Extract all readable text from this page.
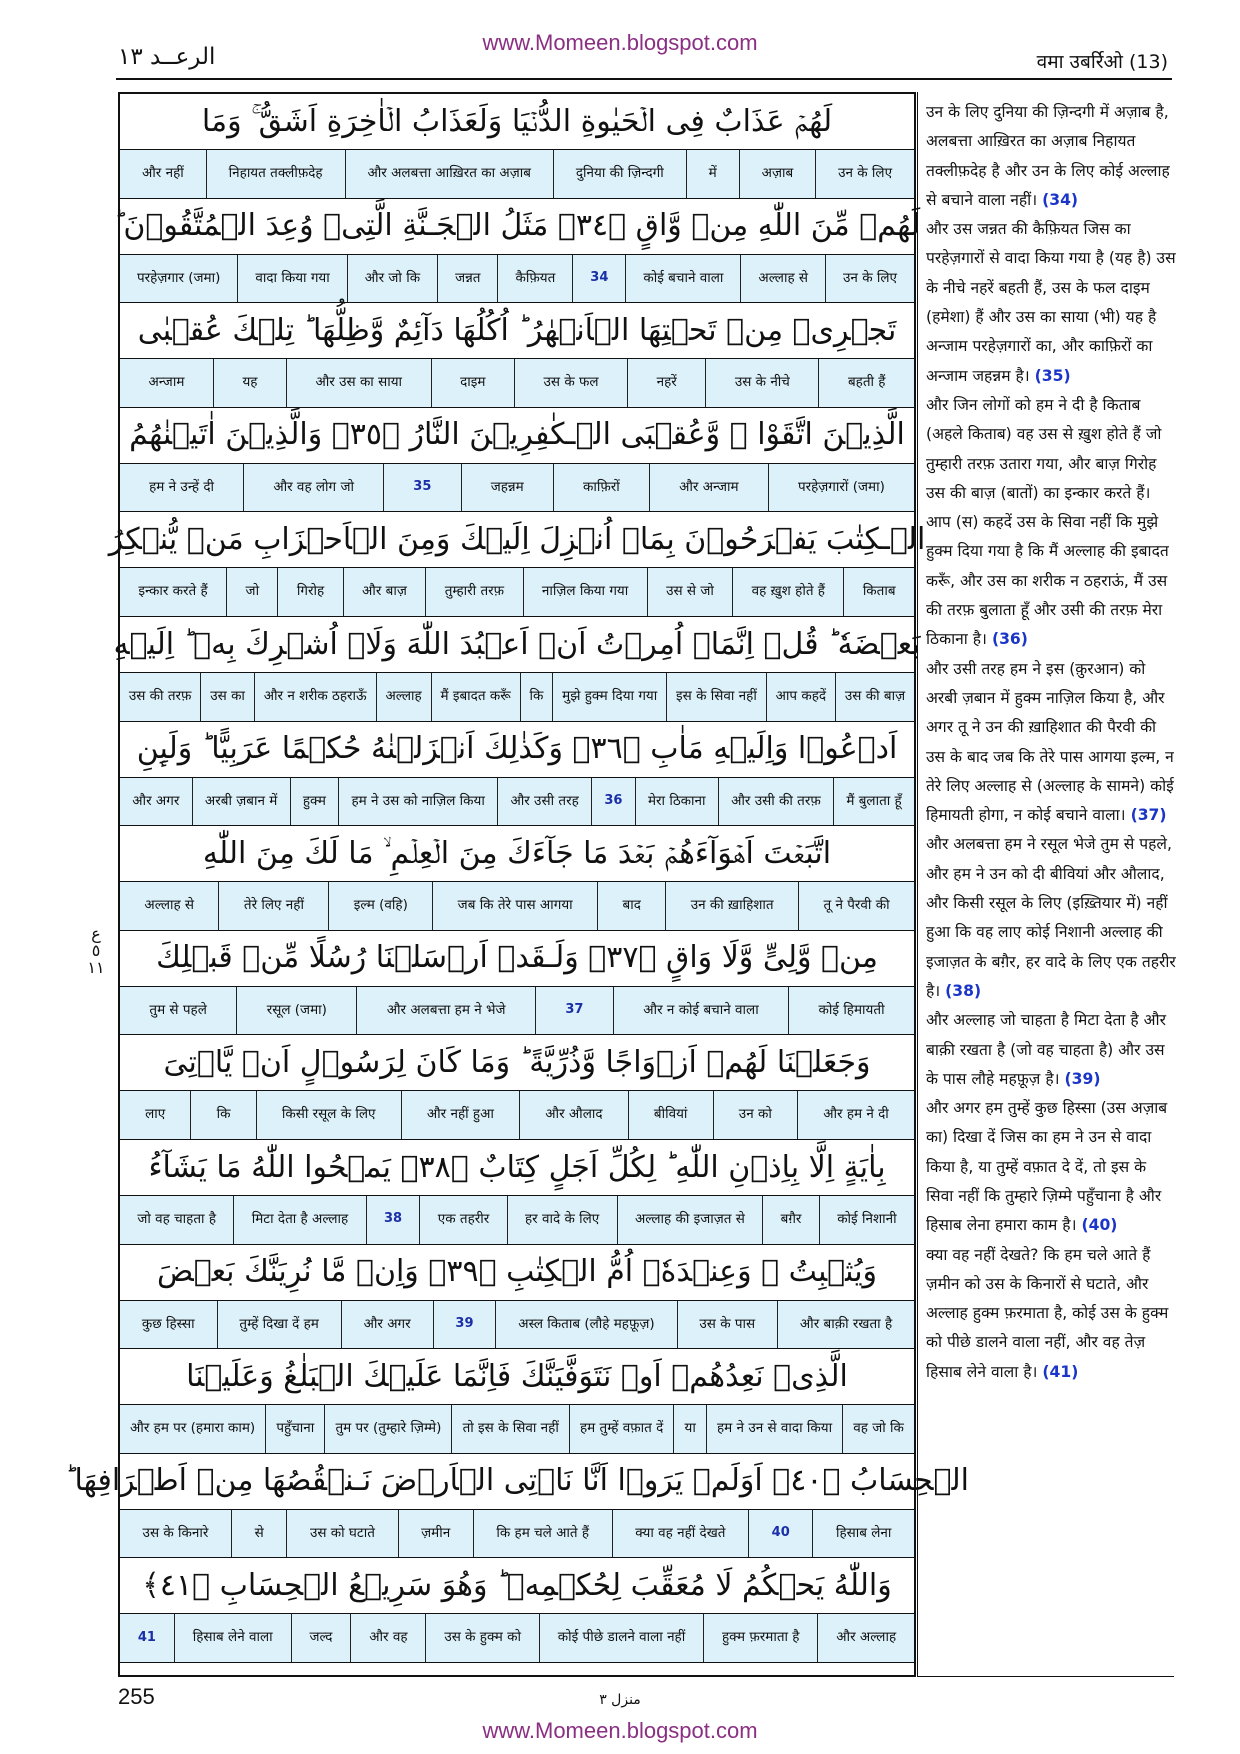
www.Momeen.blogspot.com
الرعــد ١٣	वमा उबर्रिओ (13)
لَهُمۡ عَذَابٌ فِى الۡحَيٰوةِ الدُّنۡيَا وَلَعَذَابُ الۡاٰخِرَةِ اَشَقُّ ۚ وَمَا
उन के लिए
अज़ाब
में
दुनिया की ज़िन्दगी
और अलबत्ता आख़िरत का अज़ाब
निहायत तक्लीफ़देह
और नहीं
لَهُمۡ مِّنَ اللّٰهِ مِنۡ وَّاقٍ ﴿٣٤﴾ مَثَلُ الۡجَـنَّةِ الَّتِىۡ وُعِدَ الۡمُتَّقُوۡنَ ؕ
उन के लिए
अल्लाह से
कोई बचाने वाला
34
कैफ़ियत
जन्नत
और जो कि
वादा किया गया
परहेज़गार (जमा)
تَجۡرِىۡ مِنۡ تَحۡتِهَا الۡاَنۡهٰرُ ؕ اُكُلُهَا دَآئِمٌ وَّظِلُّهَا ؕ تِلۡكَ عُقۡبٰى
बहती हैं
उस के नीचे
नहरें
उस के फल
दाइम
और उस का साया
यह
अन्जाम
الَّذِيۡنَ اتَّقَوْا ۖ وَّعُقۡبَى الۡـكٰفِرِيۡنَ النَّارُ ﴿٣٥﴾ وَالَّذِيۡنَ اٰتَيۡنٰهُمُ
परहेज़गारों (जमा)
और अन्जाम
काफ़िरों
जहन्नम
35
और वह लोग जो
हम ने उन्हें दी
الۡـكِتٰبَ يَفۡرَحُوۡنَ بِمَاۤ اُنۡزِلَ اِلَيۡكَ وَمِنَ الۡاَحۡزَابِ مَنۡ يُّنۡكِرُ
किताब
वह ख़ुश होते हैं
उस से जो
नाज़िल किया गया
तुम्हारी तरफ़
और बाज़
गिरोह
जो
इन्कार करते हैं
بَعۡضَهٗ ؕ قُلۡ اِنَّمَاۤ اُمِرۡتُ اَنۡ اَعۡبُدَ اللّٰهَ وَلَاۤ اُشۡرِكَ بِهٖ ؕ اِلَيۡهِ
उस की बाज़
आप कहदें
इस के सिवा नहीं
मुझे हुक्म दिया गया
कि
मैं इबादत करूँ
अल्लाह
और न शरीक ठहराऊँ
उस का
उस की तरफ़
اَدۡعُوۡا وَاِلَيۡهِ مَاٰبِ ﴿٣٦﴾ وَكَذٰلِكَ اَنۡزَلۡنٰهُ حُكۡمًا عَرَبِيًّا ؕ وَلَٮِٕنِ
मैं बुलाता हूँ
और उसी की तरफ़
मेरा ठिकाना
36
और उसी तरह
हम ने उस को नाज़िल किया
हुक्म
अरबी ज़बान में
और अगर
اتَّبَعۡتَ اَهۡوَآءَهُمۡ بَعۡدَ مَا جَآءَكَ مِنَ الۡعِلۡمِ ۙ مَا لَكَ مِنَ اللّٰهِ
तू ने पैरवी की
उन की ख़ाहिशात
बाद
जब कि तेरे पास आगया
इल्म (वहि)
तेरे लिए नहीं
अल्लाह से
مِنۡ وَّلِىٍّ وَّلَا وَاقٍ ﴿٣٧﴾ وَلَـقَدۡ اَرۡسَلۡنَا رُسُلًا مِّنۡ قَبۡلِكَ
कोई हिमायती
और न कोई बचाने वाला
37
और अलबत्ता हम ने भेजे
रसूल (जमा)
तुम से पहले
وَجَعَلۡنَا لَهُمۡ اَزۡوَاجًا وَّذُرِّيَّةً ؕ وَمَا كَانَ لِرَسُوۡلٍ اَنۡ يَّاۡتِىَ
और हम ने दी
उन को
बीवियां
और औलाद
और नहीं हुआ
किसी रसूल के लिए
कि
लाए
بِاٰيَةٍ اِلَّا بِاِذۡنِ اللّٰهِ ؕ لِكُلِّ اَجَلٍ كِتَابٌ ﴿٣٨﴾ يَمۡحُوا اللّٰهُ مَا يَشَآءُ
कोई निशानी
बग़ैर
अल्लाह की इजाज़त से
हर वादे के लिए
एक तहरीर
38
मिटा देता है अल्लाह
जो वह चाहता है
وَيُثۡبِتُ ۖ وَعِنۡدَهٗۤ اُمُّ الۡكِتٰبِ ﴿٣٩﴾ وَاِنۡ مَّا نُرِيَنَّكَ بَعۡضَ
और बाक़ी रखता है
उस के पास
अस्ल किताब (लौहे महफ़ूज़)
39
और अगर
तुम्हें दिखा दें हम
कुछ हिस्सा
الَّذِىۡ نَعِدُهُمۡ اَوۡ نَتَوَفَّيَنَّكَ فَاِنَّمَا عَلَيۡكَ الۡبَلٰغُ وَعَلَيۡنَا
वह जो कि
हम ने उन से वादा किया
या
हम तुम्हें वफ़ात दें
तो इस के सिवा नहीं
तुम पर (तुम्हारे ज़िम्मे)
पहुँचाना
और हम पर (हमारा काम)
الۡحِسَابُ ﴿٤٠﴾ اَوَلَمۡ يَرَوۡا اَنَّا نَاۡتِى الۡاَرۡضَ نَـنۡقُصُهَا مِنۡ اَطۡرَافِهَا ؕ
हिसाब लेना
40
क्या वह नहीं देखते
कि हम चले आते हैं
ज़मीन
उस को घटाते
से
उस के किनारे
وَاللّٰهُ يَحۡكُمُ لَا مُعَقِّبَ لِحُكۡمِهٖ ؕ وَهُوَ سَرِيۡعُ الۡحِسَابِ ﴿٤١﴾
और अल्लाह
हुक्म फ़रमाता है
कोई पीछे डालने वाला नहीं
उस के हुक्म को
और वह
जल्द
हिसाब लेने वाला
41
उन के लिए दुनिया की ज़िन्दगी में अज़ाब है, अलबत्ता आख़िरत का अज़ाब निहायत तक्लीफ़देह है और उन के लिए कोई अल्लाह से बचाने वाला नहीं। (34)
और उस जन्नत की कैफ़ियत जिस का परहेज़गारों से वादा किया गया है (यह है) उस के नीचे नहरें बहती हैं, उस के फल दाइम (हमेशा) हैं और उस का साया (भी) यह है अन्जाम परहेज़गारों का, और काफ़िरों का अन्जाम जहन्नम है। (35)
और जिन लोगों को हम ने दी है किताब (अहले किताब) वह उस से ख़ुश होते हैं जो तुम्हारी तरफ़ उतारा गया, और बाज़ गिरोह उस की बाज़ (बातों) का इन्कार करते हैं। आप (स) कहदें उस के सिवा नहीं कि मुझे हुक्म दिया गया है कि मैं अल्लाह की इबादत करूँ, और उस का शरीक न ठहराऊं, मैं उस की तरफ़ बुलाता हूँ और उसी की तरफ़ मेरा ठिकाना है। (36)
और उसी तरह हम ने इस (क़ुरआन) को अरबी ज़बान में हुक्म नाज़िल किया है, और अगर तू ने उन की ख़ाहिशात की पैरवी की उस के बाद जब कि तेरे पास आगया इल्म, न तेरे लिए अल्लाह से (अल्लाह के सामने) कोई हिमायती होगा, न कोई बचाने वाला। (37)
और अलबत्ता हम ने रसूल भेजे तुम से पहले, और हम ने उन को दी बीवियां और औलाद, और किसी रसूल के लिए (इख़्तियार में) नहीं हुआ कि वह लाए कोई निशानी अल्लाह की इजाज़त के बग़ैर, हर वादे के लिए एक तहरीर है। (38)
और अल्लाह जो चाहता है मिटा देता है और बाक़ी रखता है (जो वह चाहता है) और उस के पास लौहे महफ़ूज़ है। (39)
और अगर हम तुम्हें कुछ हिस्सा (उस अज़ाब का) दिखा दें जिस का हम ने उन से वादा किया है, या तुम्हें वफ़ात दे दें, तो इस के सिवा नहीं कि तुम्हारे ज़िम्मे पहुँचाना है और हिसाब लेना हमारा काम है। (40)
क्या वह नहीं देखते? कि हम चले आते हैं ज़मीन को उस के किनारों से घटाते, और अल्लाह हुक्म फ़रमाता है, कोई उस के हुक्म को पीछे डालने वाला नहीं, और वह तेज़ हिसाब लेने वाला है। (41)
ع
٥
١١
255	منزل ٣
www.Momeen.blogspot.com
